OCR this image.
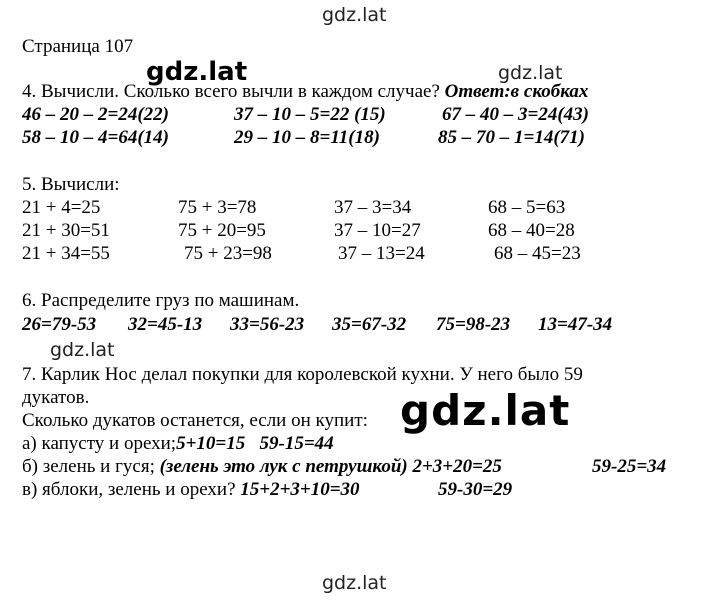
gdz.lat
gdz.lat	gdz.lat
gdz.lat
gdz.lat
gdz.lat
Страница 107
4. Вычисли. Сколько всего вычли в каждом случае? Ответ:в скобках
46 – 20 – 2=24(22)	37 – 10 – 5=22 (15)	67 – 40 – 3=24(43)
58 – 10 – 4=64(14)	29 – 10 – 8=11(18)	85 – 70 – 1=14(71)
5. Вычисли:
21 + 4=25	75 + 3=78	37 – 3=34	68 – 5=63
21 + 30=51	75 + 20=95	37 – 10=27	68 – 40=28
21 + 34=55	75 + 23=98	37 – 13=24	68 – 45=23
6. Распределите груз по машинам.
26=79-53 32=45-13 33=56-23 35=67-32 75=98-23 13=47-34
7. Карлик Нос делал покупки для королевской кухни. У него было 59
дукатов.
Сколько дукатов останется, если он купит:
а) капусту и орехи;5+10=15   59-15=44
б) зелень и гуся; (зелень это лук с петрушкой) 2+3+20=25	59-25=34
в) яблоки, зелень и орехи? 15+2+3+10=30	59-30=29
